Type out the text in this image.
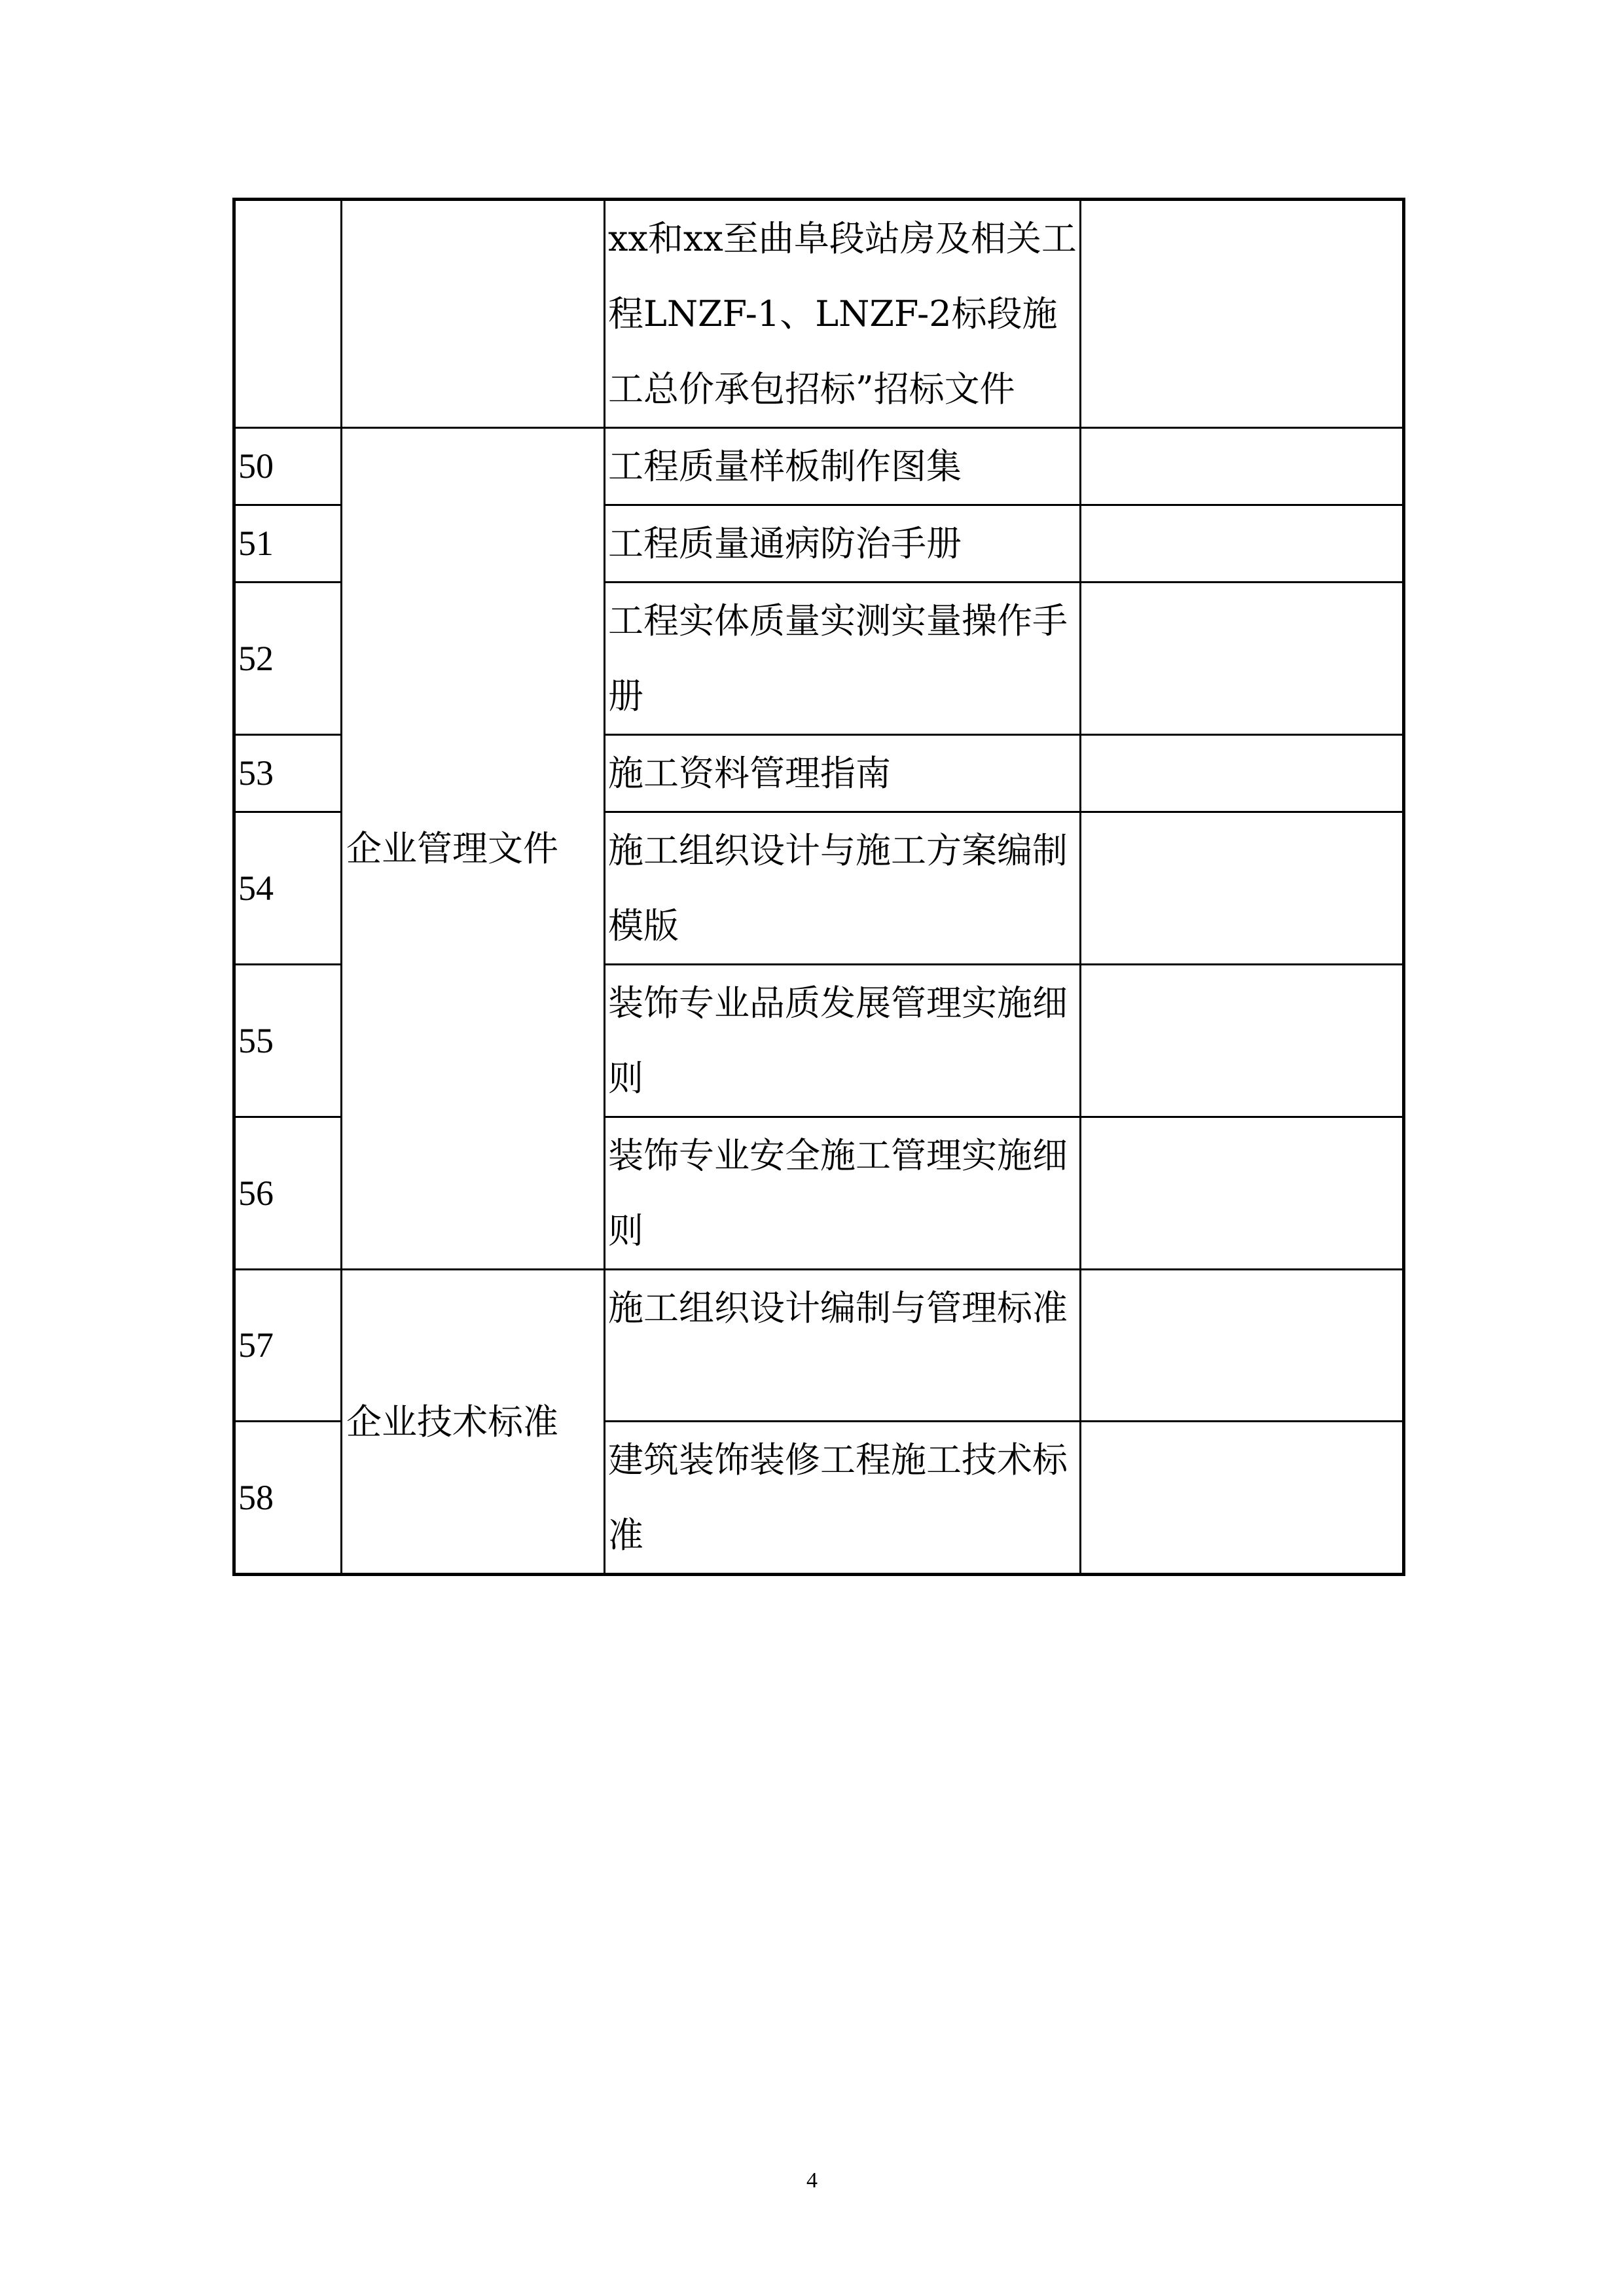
		xx和xx至曲阜段站房及相关工程LNZF-1、LNZF-2标段施工总价承包招标”招标文件	
50	企业管理文件	工程质量样板制作图集	
51		工程质量通病防治手册	
52		工程实体质量实测实量操作手册	
53		施工资料管理指南	
54		施工组织设计与施工方案编制模版	
55		装饰专业品质发展管理实施细则	
56		装饰专业安全施工管理实施细则	
57	企业技术标准	施工组织设计编制与管理标准	
58		建筑装饰装修工程施工技术标准	
4
